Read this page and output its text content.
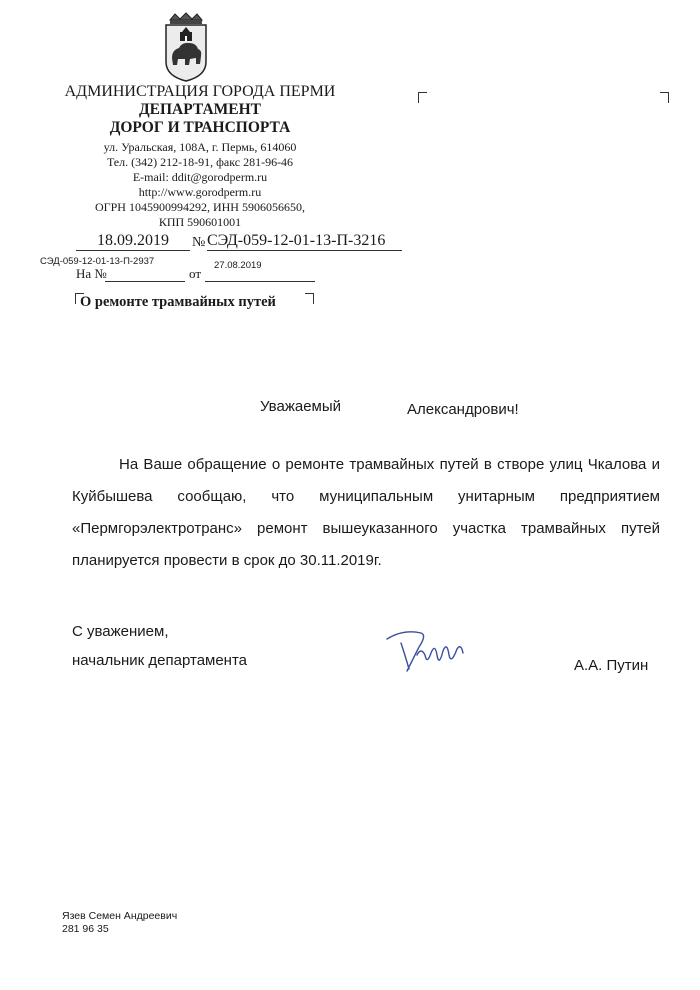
АДМИНИСТРАЦИЯ ГОРОДА ПЕРМИ
ДЕПАРТАМЕНТ
ДОРОГ И ТРАНСПОРТА
ул. Уральская, 108А, г. Пермь, 614060
Тел. (342) 212-18-91, факс 281-96-46
E-mail: ddit@gorodperm.ru
http://www.gorodperm.ru
ОГРН 1045900994292, ИНН 5906056650,
КПП 590601001
18.09.2019	№ СЭД-059-12-01-13-П-3216
СЭД-059-12-01-13-П-2937	27.08.2019
На №	от
О ремонте трамвайных путей
Уважаемый	Александрович!

На Ваше обращение о ремонте трамвайных путей в створе улиц Чкалова и Куйбышева сообщаю, что муниципальным унитарным предприятием «Пермгорэлектротранс» ремонт вышеуказанного участка трамвайных путей планируется провести в срок до 30.11.2019г.

С уважением,
начальник департамента	А.А. Путин
Язев Семен Андреевич
281 96 35
